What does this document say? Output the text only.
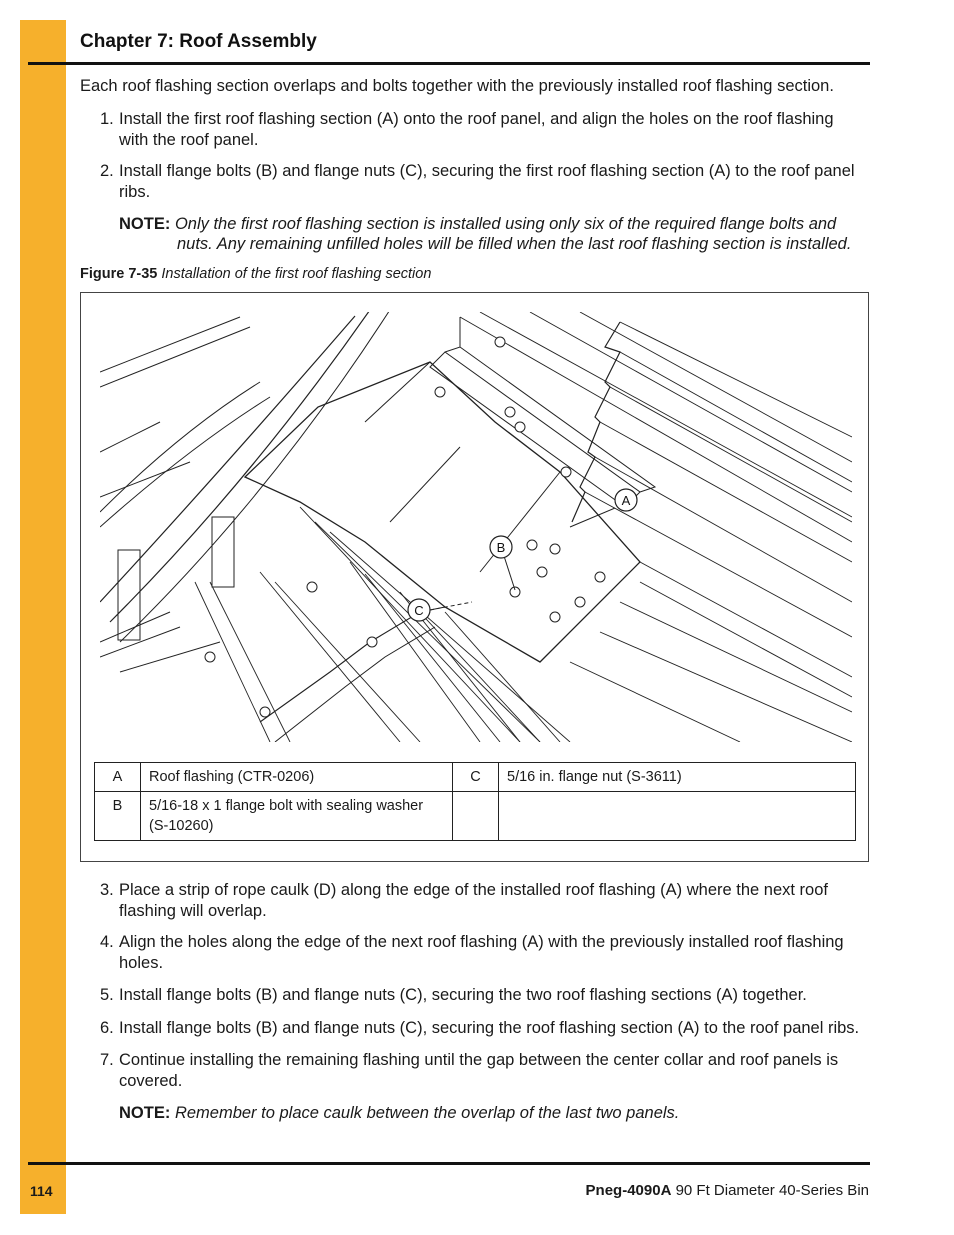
Chapter 7: Roof Assembly
Each roof flashing section overlaps and bolts together with the previously installed roof flashing section.
1. Install the first roof flashing section (A) onto the roof panel, and align the holes on the roof flashing
with the roof panel.
2. Install flange bolts (B) and flange nuts (C), securing the first roof flashing section (A) to the roof panel
ribs.
NOTE: Only the first roof flashing section is installed using only six of the required flange bolts and
nuts. Any remaining unfilled holes will be filled when the last roof flashing section is installed.
Figure 7-35 Installation of the first roof flashing section
A
B
C
A	Roof flashing (CTR-0206)	C	5/16 in. flange nut (S-3611)
B	5/16-18 x 1 flange bolt with sealing washer
(S-10260)		

3. Place a strip of rope caulk (D) along the edge of the installed roof flashing (A) where the next roof
flashing will overlap.
4. Align the holes along the edge of the next roof flashing (A) with the previously installed roof flashing
holes.
5. Install flange bolts (B) and flange nuts (C), securing the two roof flashing sections (A) together.
6. Install flange bolts (B) and flange nuts (C), securing the roof flashing section (A) to the roof panel ribs.
7. Continue installing the remaining flashing until the gap between the center collar and roof panels is
covered.
NOTE: Remember to place caulk between the overlap of the last two panels.
114	Pneg-4090A 90 Ft Diameter 40-Series Bin
